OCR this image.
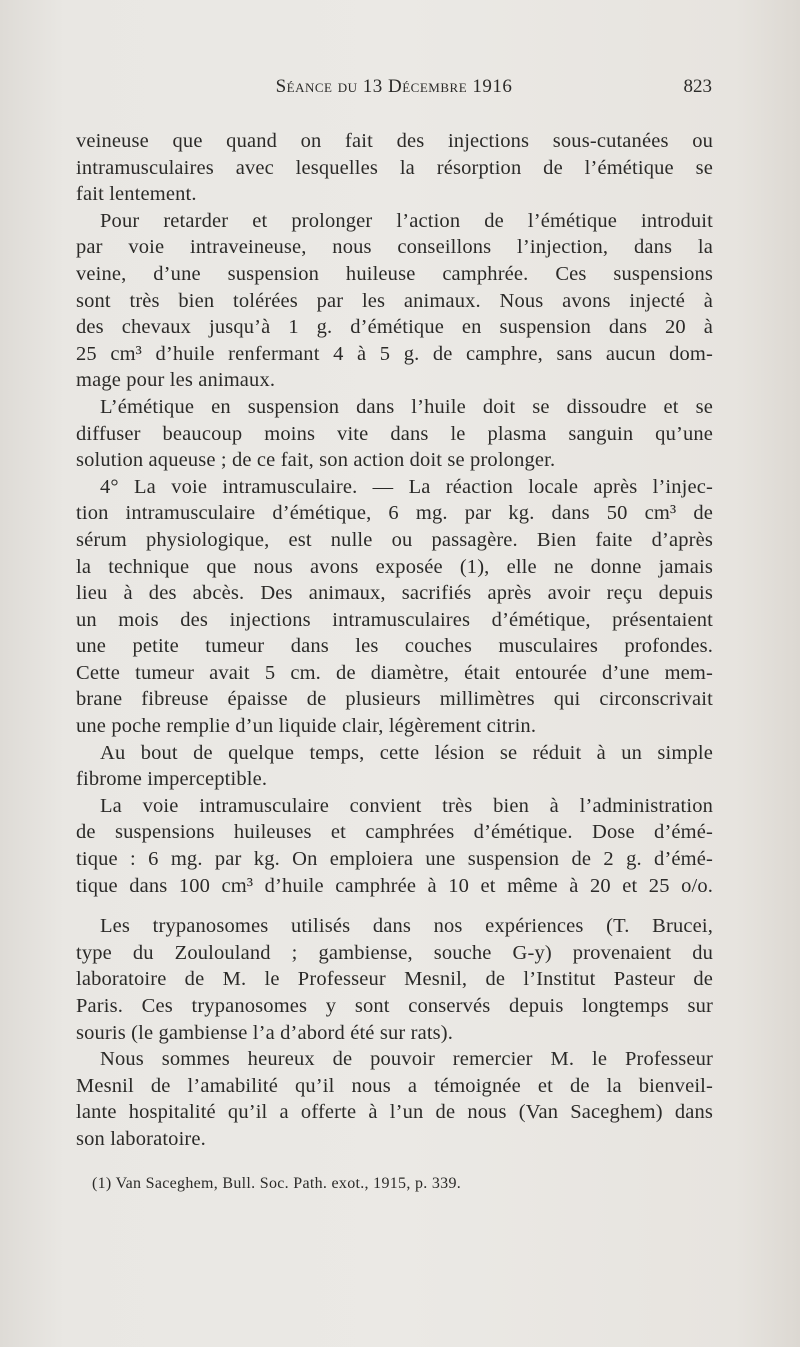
Séance du 13 Décembre 1916	823
veineuse que quand on fait des injections sous-cutanées ou
intramusculaires avec lesquelles la résorption de l’émétique se
fait lentement.
Pour retarder et prolonger l’action de l’émétique introduit
par voie intraveineuse, nous conseillons l’injection, dans la
veine, d’une suspension huileuse camphrée. Ces suspensions
sont très bien tolérées par les animaux. Nous avons injecté à
des chevaux jusqu’à 1 g. d’émétique en suspension dans 20 à
25 cm³ d’huile renfermant 4 à 5 g. de camphre, sans aucun dom-
mage pour les animaux.
L’émétique en suspension dans l’huile doit se dissoudre et se
diffuser beaucoup moins vite dans le plasma sanguin qu’une
solution aqueuse ; de ce fait, son action doit se prolonger.
4° La voie intramusculaire. — La réaction locale après l’injec-
tion intramusculaire d’émétique, 6 mg. par kg. dans 50 cm³ de
sérum physiologique, est nulle ou passagère. Bien faite d’après
la technique que nous avons exposée (1), elle ne donne jamais
lieu à des abcès. Des animaux, sacrifiés après avoir reçu depuis
un mois des injections intramusculaires d’émétique, présentaient
une petite tumeur dans les couches musculaires profondes.
Cette tumeur avait 5 cm. de diamètre, était entourée d’une mem-
brane fibreuse épaisse de plusieurs millimètres qui circonscrivait
une poche remplie d’un liquide clair, légèrement citrin.
Au bout de quelque temps, cette lésion se réduit à un simple
fibrome imperceptible.
La voie intramusculaire convient très bien à l’administration
de suspensions huileuses et camphrées d’émétique. Dose d’émé-
tique : 6 mg. par kg. On emploiera une suspension de 2 g. d’émé-
tique dans 100 cm³ d’huile camphrée à 10 et même à 20 et 25 o/o.
Les trypanosomes utilisés dans nos expériences (T. Brucei,
type du Zoulouland ; gambiense, souche G-y) provenaient du
laboratoire de M. le Professeur Mesnil, de l’Institut Pasteur de
Paris. Ces trypanosomes y sont conservés depuis longtemps sur
souris (le gambiense l’a d’abord été sur rats).
Nous sommes heureux de pouvoir remercier M. le Professeur
Mesnil de l’amabilité qu’il nous a témoignée et de la bienveil-
lante hospitalité qu’il a offerte à l’un de nous (Van Saceghem) dans
son laboratoire.
(1) Van Saceghem, Bull. Soc. Path. exot., 1915, p. 339.
